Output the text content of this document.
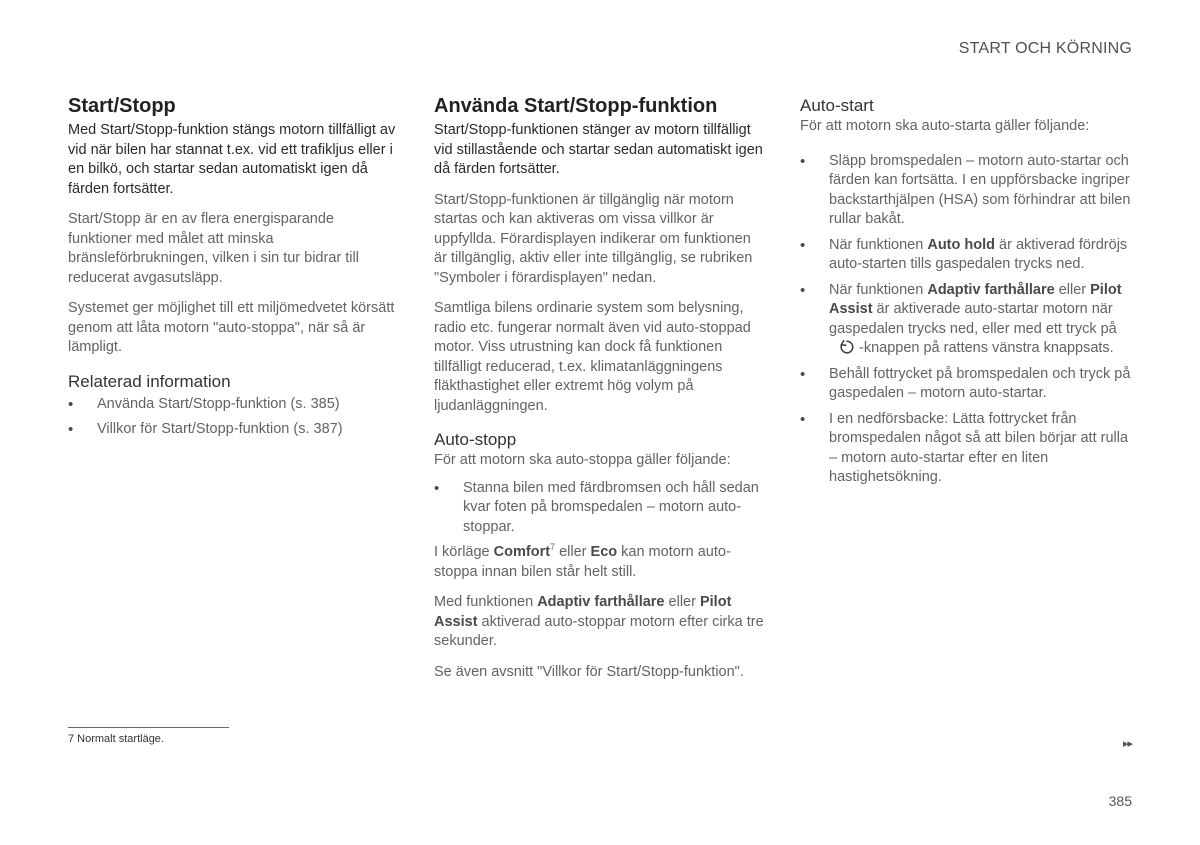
START OCH KÖRNING
Start/Stopp

Med Start/Stopp-funktion stängs motorn tillfälligt av vid när bilen har stannat t.ex. vid ett trafikljus eller i en bilkö, och startar sedan automatiskt igen då färden fortsätter.

Start/Stopp är en av flera energisparande funktioner med målet att minska bränsleförbrukningen, vilken i sin tur bidrar till reducerat avgasutsläpp.

Systemet ger möjlighet till ett miljömedvetet körsätt genom att låta motorn "auto-stoppa", när så är lämpligt.

Relaterad information
• Använda Start/Stopp-funktion (s. 385)
• Villkor för Start/Stopp-funktion (s. 387)
Använda Start/Stopp-funktion

Start/Stopp-funktionen stänger av motorn tillfälligt vid stillastående och startar sedan automatiskt igen då färden fortsätter.

Start/Stopp-funktionen är tillgänglig när motorn startas och kan aktiveras om vissa villkor är uppfyllda. Förardisplayen indikerar om funktionen är tillgänglig, aktiv eller inte tillgänglig, se rubriken "Symboler i förardisplayen" nedan.

Samtliga bilens ordinarie system som belysning, radio etc. fungerar normalt även vid auto-stoppad motor. Viss utrustning kan dock få funktionen tillfälligt reducerad, t.ex. klimatanläggningens fläkthastighet eller extremt hög volym på ljudanläggningen.

Auto-stopp

För att motorn ska auto-stoppa gäller följande:

• Stanna bilen med färdbromsen och håll sedan kvar foten på bromspedalen – motorn auto-stoppar.

I körläge Comfort$^7$ eller Eco kan motorn auto-stoppa innan bilen står helt still.

Med funktionen Adaptiv farthållare eller Pilot Assist aktiverad auto-stoppar motorn efter cirka tre sekunder.

Se även avsnitt "Villkor för Start/Stopp-funktion".

Auto-start

För att motorn ska auto-starta gäller följande:

• Släpp bromspedalen – motorn auto-startar och färden kan fortsätta. I en uppförsbacke ingriper backstarthjälpen (HSA) som förhindrar att bilen rullar bakåt.
• När funktionen Auto hold är aktiverad fördröjs auto-starten tills gaspedalen trycks ned.
• När funktionen Adaptiv farthållare eller Pilot Assist är aktiverade auto-startar motorn när gaspedalen trycks ned, eller med ett tryck på-knappen på rattens vänstra knappsats.
• Behåll fottrycket på bromspedalen och tryck på gaspedalen – motorn auto-startar.
• I en nedförsbacke: Lätta fottrycket från bromspedalen något så att bilen börjar att rulla – motorn auto-startar efter en liten hastighetsökning.
7 Normalt startläge.	▸▸
385
